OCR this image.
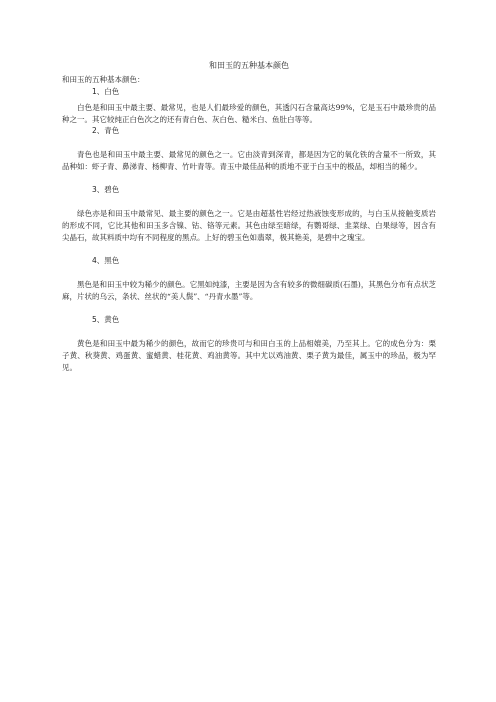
和田玉的五种基本颜色

和田玉的五种基本颜色：

1、白色

白色是和田玉中最主要、最常见，也是人们最珍爱的颜色，其透闪石含量高达99%，它是玉石中最珍贵的品种之一。其它较纯正白色次之的还有青白色、灰白色、糙米白、鱼肚白等等。

2、青色

青色也是和田玉中最主要、最常见的颜色之一。它由淡青到深青，都是因为它的氧化铁的含量不一所致，其品种如：虾子青、鼻涕青、杨柳青、竹叶青等。青玉中最佳品种的质地不亚于白玉中的极品，却相当的稀少。

3、碧色

绿色亦是和田玉中最常见、最主要的颜色之一。它是由超基性岩经过热液蚀变形成的，与白玉从接触变质岩的形成不同，它比其他和田玉多含镍、钴、铬等元素。其色由绿至暗绿，有鹦哥绿、韭菜绿、白果绿等，因含有尖晶石，故其料质中均有不同程度的黑点。上好的碧玉色如翡翠，极其艳美，是碧中之瑰宝。

4、黑色

黑色是和田玉中较为稀少的颜色。它黑如纯漆，主要是因为含有较多的微细碳质(石墨)，其黑色分布有点状芝麻，片状的乌云，条状、丝状的“美人鬓”、“丹青水墨”等。

5、黄色

黄色是和田玉中最为稀少的颜色，故而它的珍贵可与和田白玉的上品相媲美，乃至其上。它的成色分为：栗子黄、秋葵黄、鸡蛋黄、蜜蜡黄、桂花黄、鸡油黄等。其中尤以鸡油黄、栗子黄为最佳，属玉中的珍品，极为罕见。
